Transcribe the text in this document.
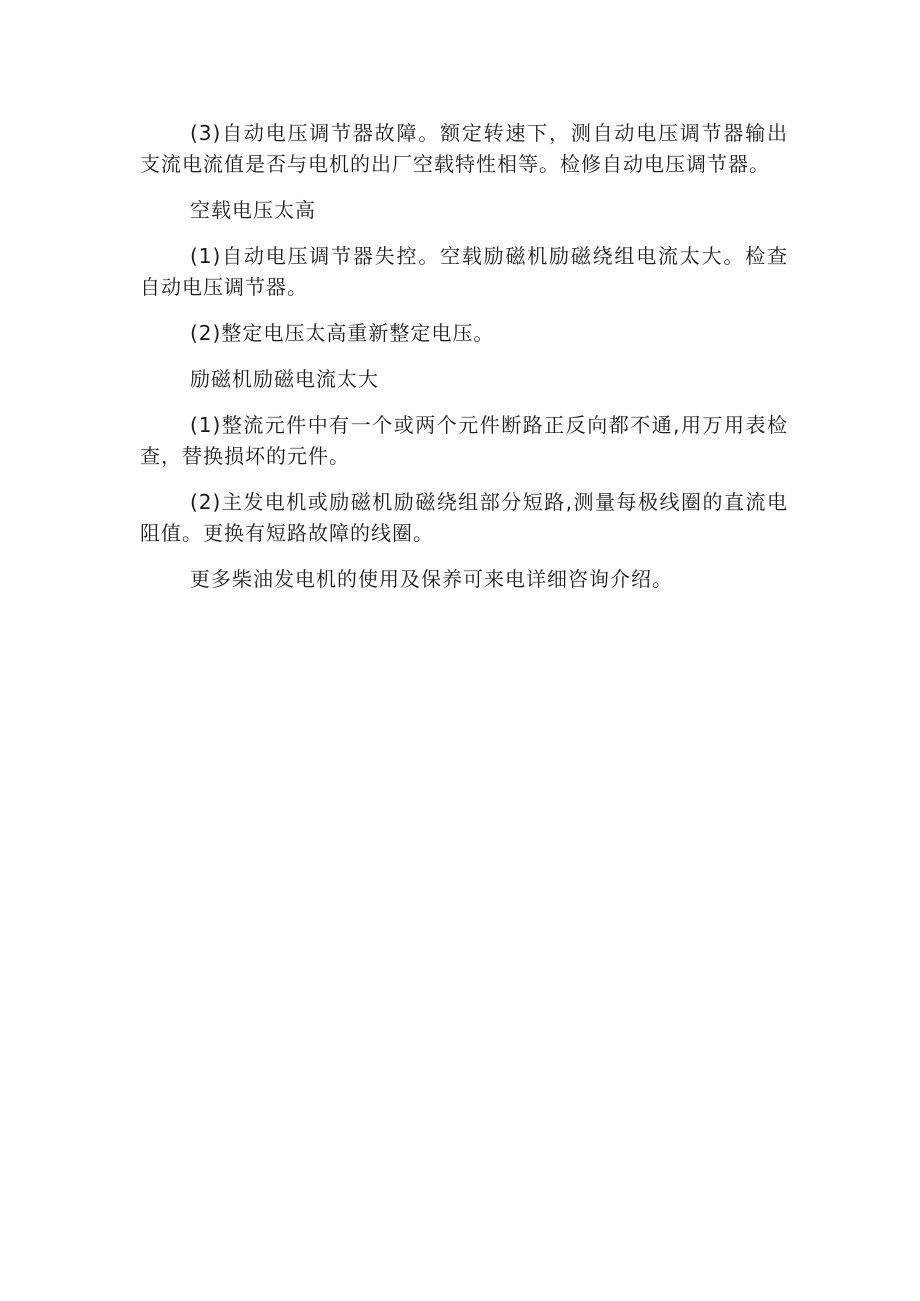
(3)自动电压调节器故障。额定转速下，测自动电压调节器输出支流电流值是否与电机的出厂空载特性相等。检修自动电压调节器。

空载电压太高

(1)自动电压调节器失控。空载励磁机励磁绕组电流太大。检查自动电压调节器。

(2)整定电压太高重新整定电压。

励磁机励磁电流太大

(1)整流元件中有一个或两个元件断路正反向都不通,用万用表检查，替换损坏的元件。

(2)主发电机或励磁机励磁绕组部分短路,测量每极线圈的直流电阻值。更换有短路故障的线圈。

更多柴油发电机的使用及保养可来电详细咨询介绍。
